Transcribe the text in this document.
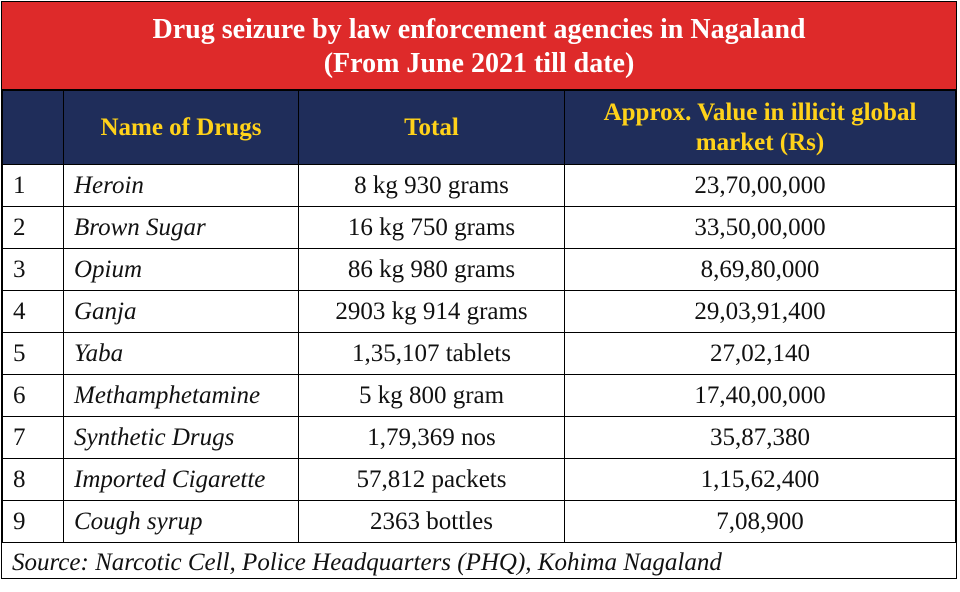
Drug seizure by law enforcement agencies in Nagaland
(From June 2021 till date)
	Name of Drugs	Total	Approx. Value in illicit global market (Rs)
1	Heroin	8 kg 930 grams	23,70,00,000
2	Brown Sugar	16 kg 750 grams	33,50,00,000
3	Opium	86 kg 980 grams	8,69,80,000
4	Ganja	2903 kg 914 grams	29,03,91,400
5	Yaba	1,35,107 tablets	27,02,140
6	Methamphetamine	5 kg 800 gram	17,40,00,000
7	Synthetic Drugs	1,79,369 nos	35,87,380
8	Imported Cigarette	57,812 packets	1,15,62,400
9	Cough syrup	2363 bottles	7,08,900
Source: Narcotic Cell, Police Headquarters (PHQ), Kohima Nagaland
